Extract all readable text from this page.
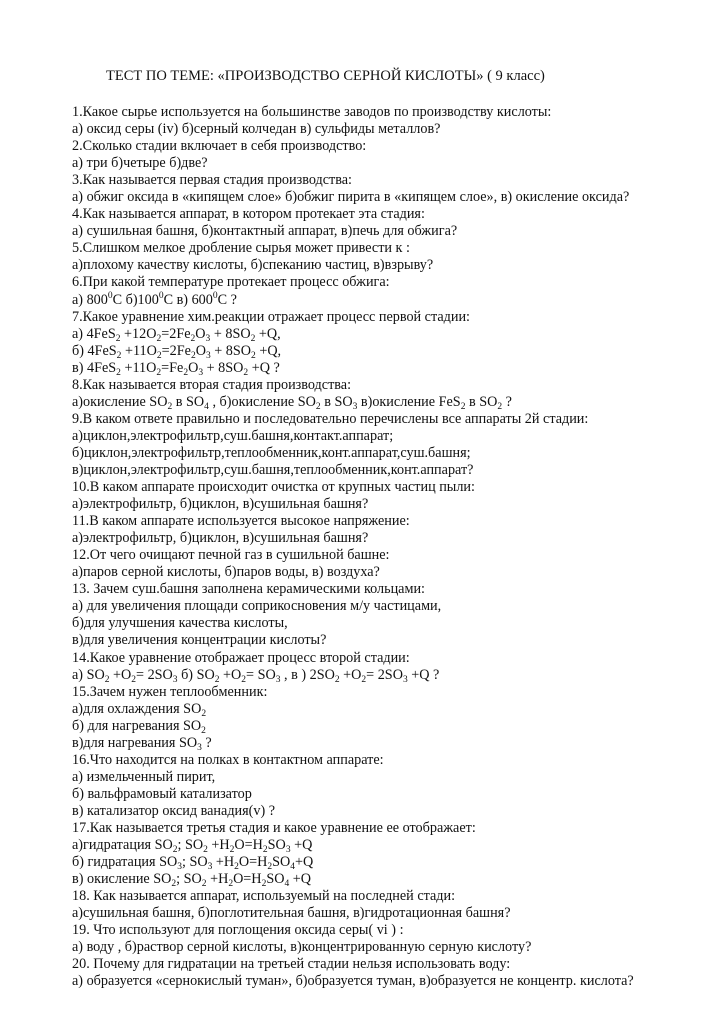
ТЕСТ ПО ТЕМЕ: «ПРОИЗВОДСТВО СЕРНОЙ КИСЛОТЫ» ( 9 класс)
1.Какое сырье используется на большинстве заводов по производству кислоты:
а) оксид серы (iv) б)серный колчедан в) сульфиды металлов?
2.Сколько стадии включает в себя производство:
а) три б)четыре б)две?
3.Как называется первая стадия производства:
а) обжиг оксида в «кипящем слое» б)обжиг пирита в «кипящем слое», в) окисление оксида?
4.Как называется аппарат, в котором протекает эта стадия:
а) сушильная башня, б)контактный аппарат, в)печь для обжига?
5.Слишком мелкое дробление сырья может привести к :
а)плохому качеству кислоты, б)спеканию частиц, в)взрыву?
6.При какой температуре протекает процесс обжига:
а) $800^0C$ $б)100^0C$ в) $600^0C$ ?
7.Какое уравнение хим.реакции отражает процесс первой стадии:
а) $4FeS_2 +12O_2=2Fe_2O_3 + 8SO_2 +Q$,
б) $4FeS_2 +11O_2=2Fe_2O_3 + 8SO_2 +Q$,
в) $4FeS_2 +11O_2=Fe_2O_3 + 8SO_2 +Q$ ?
8.Как называется вторая стадия производства:
а)окисление $SO_2$ в $SO_4$ , б)окисление $SO_2$ в $SO_3$ в)окисление FeS$_2$ в $SO_2$ ?
9.В каком ответе правильно и последовательно перечислены все аппараты 2й стадии:
а)циклон,электрофильтр,суш.башня,контакт.аппарат;
б)циклон,электрофильтр,теплообменник,конт.аппарат,суш.башня;
в)циклон,электрофильтр,суш.башня,теплообменник,конт.аппарат?
10.В каком аппарате происходит очистка от крупных частиц пыли:
а)электрофильтр, б)циклон, в)сушильная башня?
11.В каком аппарате используется высокое напряжение:
а)электрофильтр, б)циклон, в)сушильная башня?
12.От чего очищают печной газ в сушильной башне:
а)паров серной кислоты, б)паров воды, в) воздуха?
13. Зачем суш.башня заполнена керамическими кольцами:
а) для увеличения площади соприкосновения м/у частицами,
б)для улучшения качества кислоты,
в)для увеличения концентрации кислоты?
14.Какое уравнение отображает процесс второй стадии:
а) $SO_2 +O_2= 2SO_3$ б) $SO_2 +O_2= SO_3$ , в ) $2SO_2 +O_2= 2SO_3 +Q$ ?
15.Зачем нужен теплообменник:
а)для охлаждения $SO_2$
б) для нагревания $SO_2$
в)для нагревания $SO_3$ ?
16.Что находится на полках в контактном аппарате:
а) измельченный пирит,
б) вальфрамовый катализатор
в) катализатор оксид ванадия(v) ?
17.Как называется третья стадия и какое уравнение ее отображает:
а)гидратация $SO_2$; $SO_2 +H_2O=H_2SO_3 +Q$
б) гидратация $SO_3$; $SO_3 +H_2O=H_2SO_4+Q$
в) окисление $SO_2$; $SO_2 +H_2O=H_2SO_4 +Q$
18. Как называется аппарат, используемый на последней стади:
а)сушильная башня, б)поглотительная башня, в)гидротационная башня?
19. Что используют для поглощения оксида серы( vi ) :
а) воду , б)раствор серной кислоты, в)концентрированную серную кислоту?
20. Почему для гидратации на третьей стадии нельзя использовать воду:
а) образуется «сернокислый туман», б)образуется туман, в)образуется не концентр. кислота?
